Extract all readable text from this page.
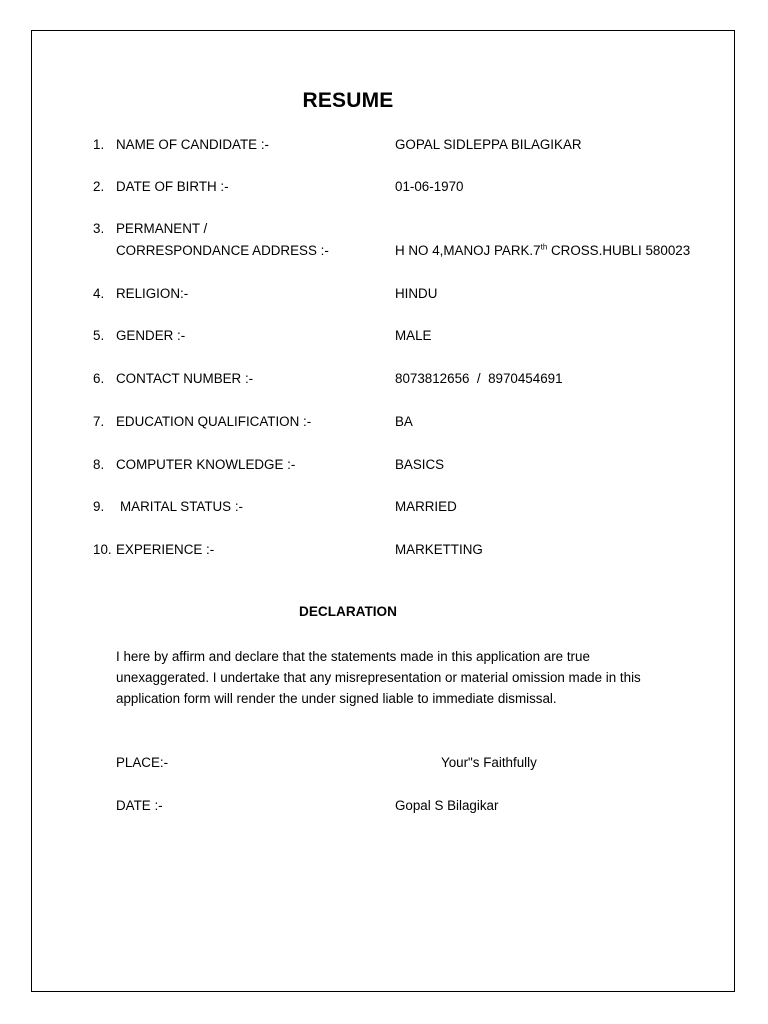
RESUME
1. NAME OF CANDIDATE :-	GOPAL SIDLEPPA BILAGIKAR
2. DATE OF BIRTH :-	01-06-1970
3. PERMANENT /
CORRESPONDANCE ADDRESS :-	H NO 4,MANOJ PARK.7th CROSS.HUBLI 580023
4. RELIGION:-	HINDU
5. GENDER :-	MALE
6. CONTACT NUMBER :-	8073812656  /  8970454691
7. EDUCATION QUALIFICATION :-	BA
8. COMPUTER KNOWLEDGE :-	BASICS
9.	MARITAL STATUS :-	MARRIED
10. EXPERIENCE :-	MARKETTING
DECLARATION
I here by affirm and declare that the statements made in this application are true
unexaggerated. I undertake that any misrepresentation or material omission made in this
application form will render the under signed liable to immediate dismissal.
PLACE:-	Your"s Faithfully
DATE :-	Gopal S Bilagikar
